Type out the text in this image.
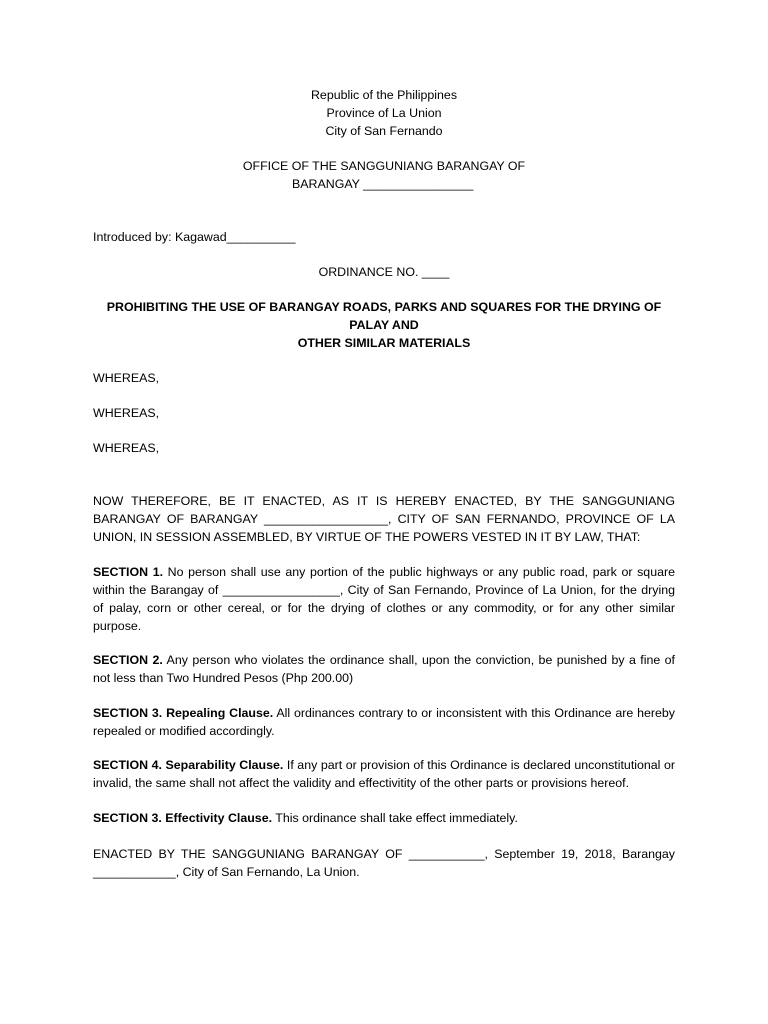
Republic of the Philippines
Province of La Union
City of San Fernando
OFFICE OF THE SANGGUNIANG BARANGAY OF
BARANGAY ________________
Introduced by: Kagawad__________
ORDINANCE NO. ____
PROHIBITING THE USE OF BARANGAY ROADS, PARKS AND SQUARES FOR THE DRYING OF PALAY AND
OTHER SIMILAR MATERIALS
WHEREAS,
WHEREAS,
WHEREAS,

NOW THEREFORE, BE IT ENACTED, AS IT IS HEREBY ENACTED, BY THE SANGGUNIANG BARANGAY OF BARANGAY __________________, CITY OF SAN FERNANDO, PROVINCE OF LA UNION, IN SESSION ASSEMBLED, BY VIRTUE OF THE POWERS VESTED IN IT BY LAW, THAT:

SECTION 1. No person shall use any portion of the public highways or any public road, park or square within the Barangay of _________________, City of San Fernando, Province of La Union, for the drying of palay, corn or other cereal, or for the drying of clothes or any commodity, or for any other similar purpose.

SECTION 2. Any person who violates the ordinance shall, upon the conviction, be punished by a fine of not less than Two Hundred Pesos (Php 200.00)

SECTION 3. Repealing Clause. All ordinances contrary to or inconsistent with this Ordinance are hereby repealed or modified accordingly.

SECTION 4. Separability Clause. If any part or provision of this Ordinance is declared unconstitutional or invalid, the same shall not affect the validity and effectivitity of the other parts or provisions hereof.

SECTION 3. Effectivity Clause. This ordinance shall take effect immediately.

ENACTED BY THE SANGGUNIANG BARANGAY OF ___________, September 19, 2018, Barangay ____________, City of San Fernando, La Union.
